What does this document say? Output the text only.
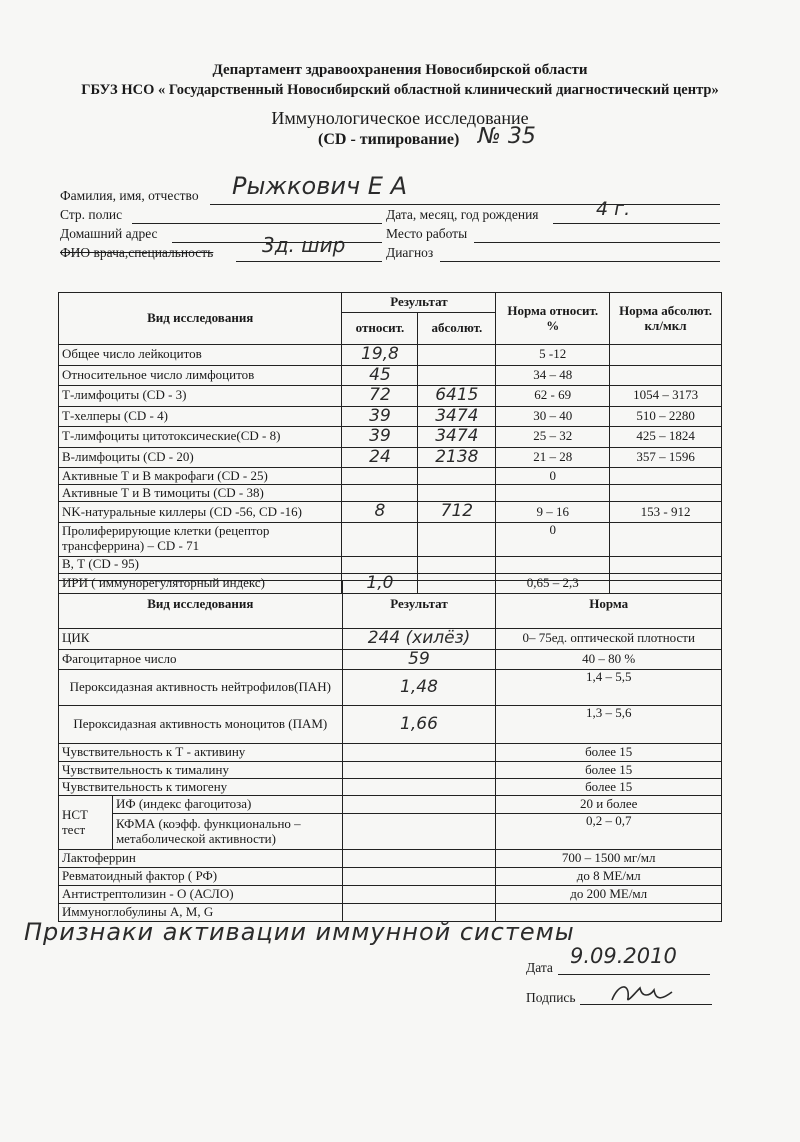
Департамент здравоохранения Новосибирской области
ГБУЗ НСО « Государственный Новосибирский областной клинический диагностический центр»
Иммунологическое исследование
(CD - типирование) № 35
Фамилия, имя, отчество Рыжкович Е А
Стр. полис	Дата, месяц, год рождения	4 г.
Домашний адрес	Место работы
ФИО врача,специальность 3д. шир	Диагноз
Вид исследования	Результат		Норма относит. %	Норма абсолют. кл/мкл
	относит.	абсолют.		
Общее число лейкоцитов	19,8		5 -12	
Относительное число лимфоцитов	45		34 – 48	
Т-лимфоциты (CD - 3)	72	6415	62 - 69	1054 – 3173
Т-хелперы (CD - 4)	39	3474	30 – 40	510 – 2280
Т-лимфоциты цитотоксические(CD - 8)	39	3474	25 – 32	425 – 1824
В-лимфоциты (CD - 20)	24	2138	21 – 28	357 – 1596
Активные Т и В макрофаги (CD - 25)			0	
Активные Т и В тимоциты (CD - 38)				
NK-натуральные киллеры (CD -56, CD -16)	8	712	9 – 16	153 - 912
Пролиферирующие клетки (рецептор трансферрина) – CD - 71			0	
В, Т (CD - 95)				
ИРИ ( иммунорегуляторный индекс)	1,0		0,65 – 2,3	
Вид исследования		Результат	Норма
ЦИК		244 (хилёз)	0– 75ед. оптической плотности
Фагоцитарное число		59	40 – 80 %
Пероксидазная активность нейтрофилов(ПАН)		1,48	1,4 – 5,5
Пероксидазная активность моноцитов (ПАМ)		1,66	1,3 – 5,6
Чувствительность к Т - активину			более 15
Чувствительность к тималину			более 15
Чувствительность к тимогену			более 15
НСТ тест	ИФ (индекс фагоцитоза)		20 и более
	КФМА (коэфф. функционально – метаболической активности)		0,2 – 0,7
Лактоферрин			700 – 1500 мг/мл
Ревматоидный фактор ( РФ)			до 8 МЕ/мл
Антистрептолизин - О (АСЛО)			до 200 МЕ/мл
Иммуноглобулины A, M, G			
Признаки активации иммунной системы
Дата 9.09.2010
Подпись
